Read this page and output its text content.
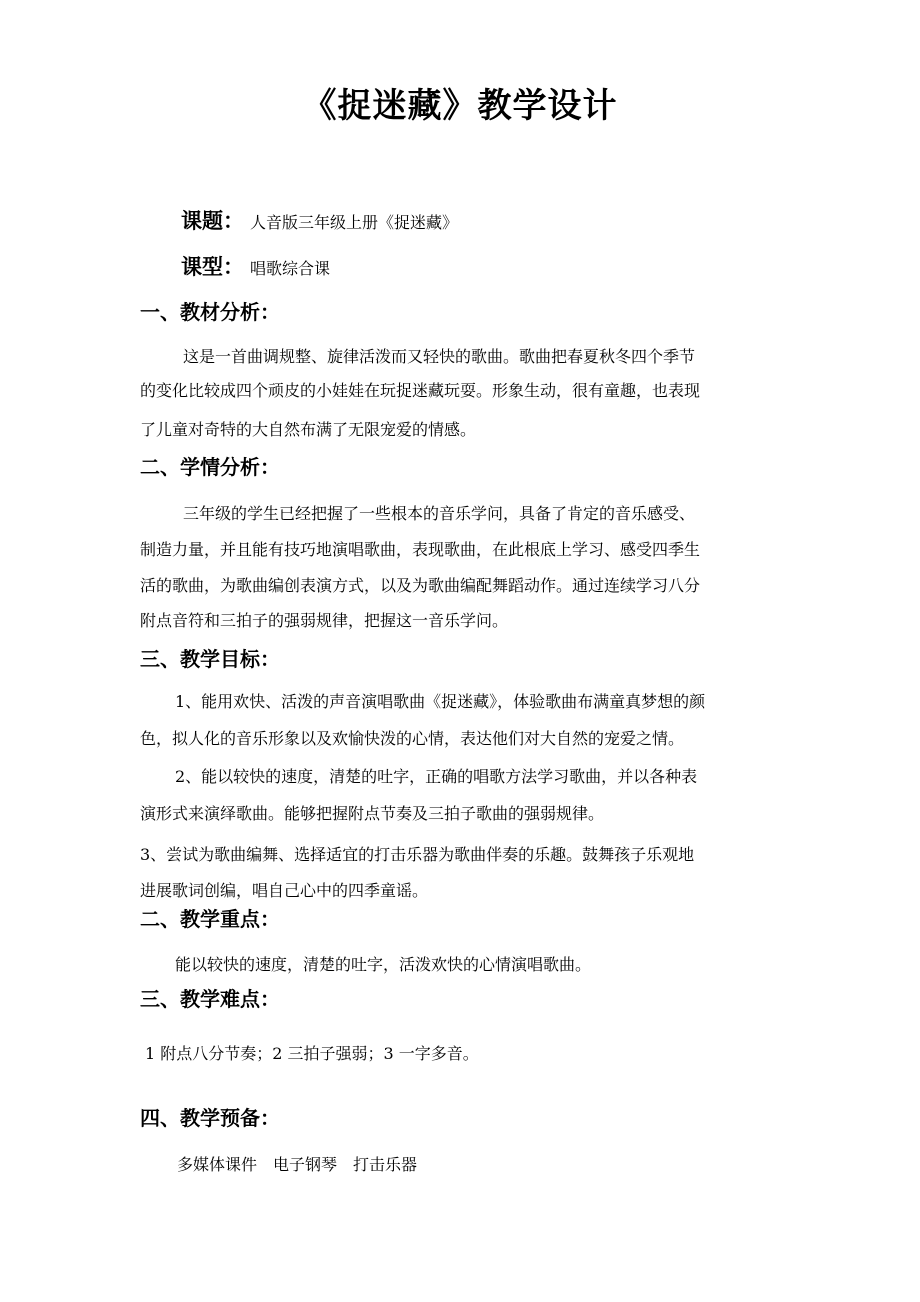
《捉迷藏》教学设计
课题： 人音版三年级上册《捉迷藏》
课型： 唱歌综合课
一、教材分析：
这是一首曲调规整、旋律活泼而又轻快的歌曲。歌曲把春夏秋冬四个季节
的变化比较成四个顽皮的小娃娃在玩捉迷藏玩耍。形象生动，很有童趣，也表现
了儿童对奇特的大自然布满了无限宠爱的情感。
二、学情分析：
三年级的学生已经把握了一些根本的音乐学问，具备了肯定的音乐感受、
制造力量，并且能有技巧地演唱歌曲，表现歌曲，在此根底上学习、感受四季生
活的歌曲，为歌曲编创表演方式，以及为歌曲编配舞蹈动作。通过连续学习八分
附点音符和三拍子的强弱规律，把握这一音乐学问。
三、教学目标：
1、能用欢快、活泼的声音演唱歌曲《捉迷藏》，体验歌曲布满童真梦想的颜
色，拟人化的音乐形象以及欢愉快泼的心情，表达他们对大自然的宠爱之情。
2、能以较快的速度，清楚的吐字，正确的唱歌方法学习歌曲，并以各种表
演形式来演绎歌曲。能够把握附点节奏及三拍子歌曲的强弱规律。
3、尝试为歌曲编舞、选择适宜的打击乐器为歌曲伴奏的乐趣。鼓舞孩子乐观地
进展歌词创编，唱自己心中的四季童谣。
二、教学重点：
能以较快的速度，清楚的吐字，活泼欢快的心情演唱歌曲。
三、教学难点：
1 附点八分节奏；2 三拍子强弱；3 一字多音。
四、教学预备：
多媒体课件　电子钢琴　打击乐器
